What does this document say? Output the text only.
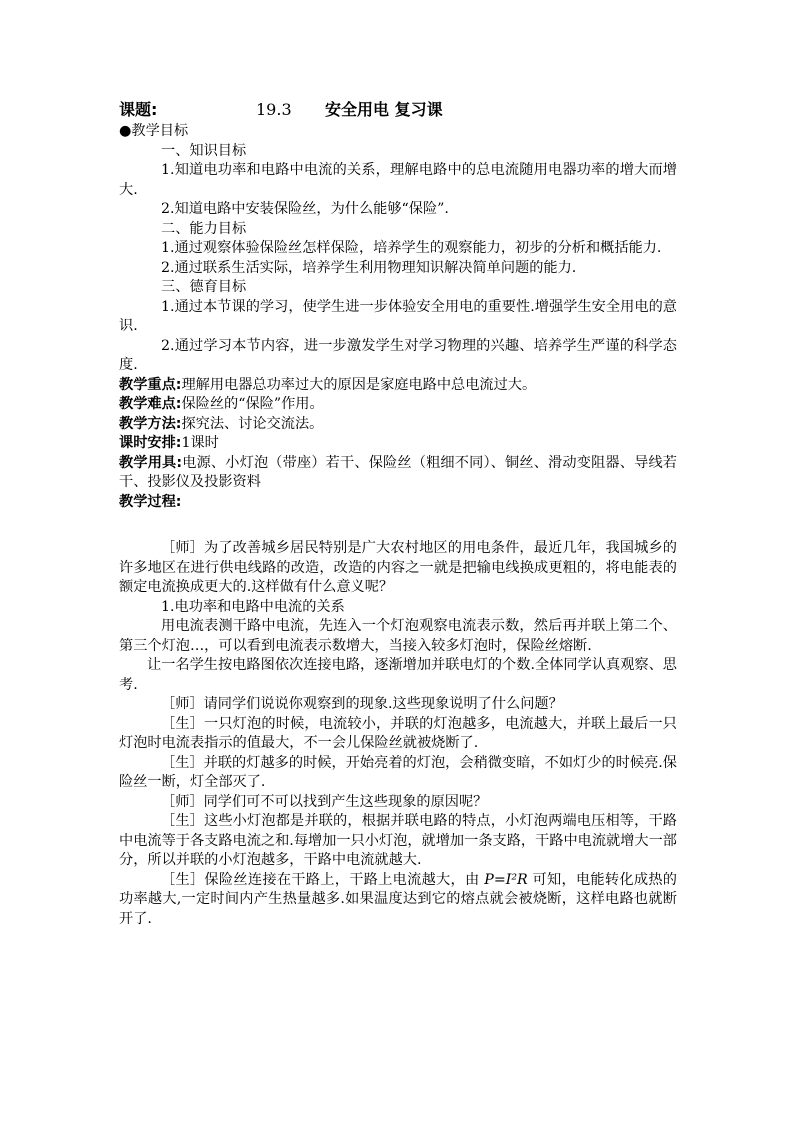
课题:	19.3 安全用电 复习课

●教学目标

一、知识目标

1.知道电功率和电路中电流的关系，理解电路中的总电流随用电器功率的增大而增大.

2.知道电路中安装保险丝，为什么能够“保险”.

二、能力目标

1.通过观察体验保险丝怎样保险，培养学生的观察能力，初步的分析和概括能力.

2.通过联系生活实际，培养学生利用物理知识解决简单问题的能力.

三、德育目标

1.通过本节课的学习，使学生进一步体验安全用电的重要性.增强学生安全用电的意识.

2.通过学习本节内容，进一步激发学生对学习物理的兴趣、培养学生严谨的科学态度.

教学重点:理解用电器总功率过大的原因是家庭电路中总电流过大。

教学难点:保险丝的“保险”作用。

教学方法:探究法、讨论交流法。

课时安排:1课时

教学用具:电源、小灯泡（带座）若干、保险丝（粗细不同）、铜丝、滑动变阻器、导线若干、投影仪及投影资料

教学过程:

［师］为了改善城乡居民特别是广大农村地区的用电条件，最近几年，我国城乡的许多地区在进行供电线路的改造，改造的内容之一就是把输电线换成更粗的，将电能表的额定电流换成更大的.这样做有什么意义呢？

1.电功率和电路中电流的关系

用电流表测干路中电流，先连入一个灯泡观察电流表示数，然后再并联上第二个、第三个灯泡…，可以看到电流表示数增大，当接入较多灯泡时，保险丝熔断.

让一名学生按电路图依次连接电路，逐渐增加并联电灯的个数.全体同学认真观察、思考.

［师］请同学们说说你观察到的现象.这些现象说明了什么问题？

［生］一只灯泡的时候，电流较小，并联的灯泡越多，电流越大，并联上最后一只灯泡时电流表指示的值最大，不一会儿保险丝就被烧断了.

［生］并联的灯越多的时候，开始亮着的灯泡，会稍微变暗，不如灯少的时候亮.保险丝一断，灯全部灭了.

［师］同学们可不可以找到产生这些现象的原因呢？

［生］这些小灯泡都是并联的，根据并联电路的特点，小灯泡两端电压相等，干路中电流等于各支路电流之和.每增加一只小灯泡，就增加一条支路，干路中电流就增大一部分，所以并联的小灯泡越多，干路中电流就越大.

［生］保险丝连接在干路上，干路上电流越大，由 P=I²R 可知，电能转化成热的功率越大,一定时间内产生热量越多.如果温度达到它的熔点就会被烧断，这样电路也就断开了.
